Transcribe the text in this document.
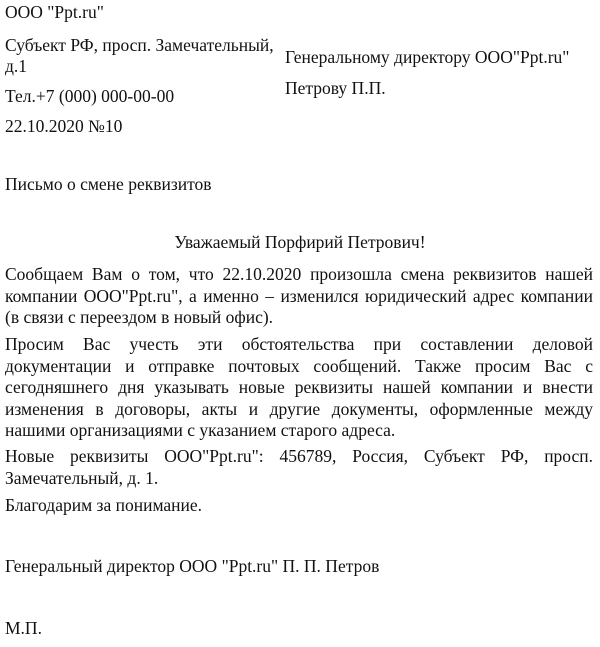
ООО "Ppt.ru"
Субъект РФ, просп. Замечательный,
д.1
Тел.+7 (000) 000-00-00
22.10.2020 №10
Генеральному директору ООО"Ppt.ru"
Петрову П.П.
Письмо о смене реквизитов
Уважаемый Порфирий Петрович!
Сообщаем Вам о том, что 22.10.2020 произошла смена реквизитов нашей компании ООО"Ppt.ru", а именно – изменился юридический адрес компании (в связи с переездом в новый офис).
Просим Вас учесть эти обстоятельства при составлении деловой документации и отправке почтовых сообщений. Также просим Вас с сегодняшнего дня указывать новые реквизиты нашей компании и внести изменения в договоры, акты и другие документы, оформленные между нашими организациями с указанием старого адреса.
Новые реквизиты ООО"Ppt.ru": 456789, Россия, Субъект РФ, просп. Замечательный, д. 1.
Благодарим за понимание.
Генеральный директор ООО "Ppt.ru" П. П. Петров
М.П.
